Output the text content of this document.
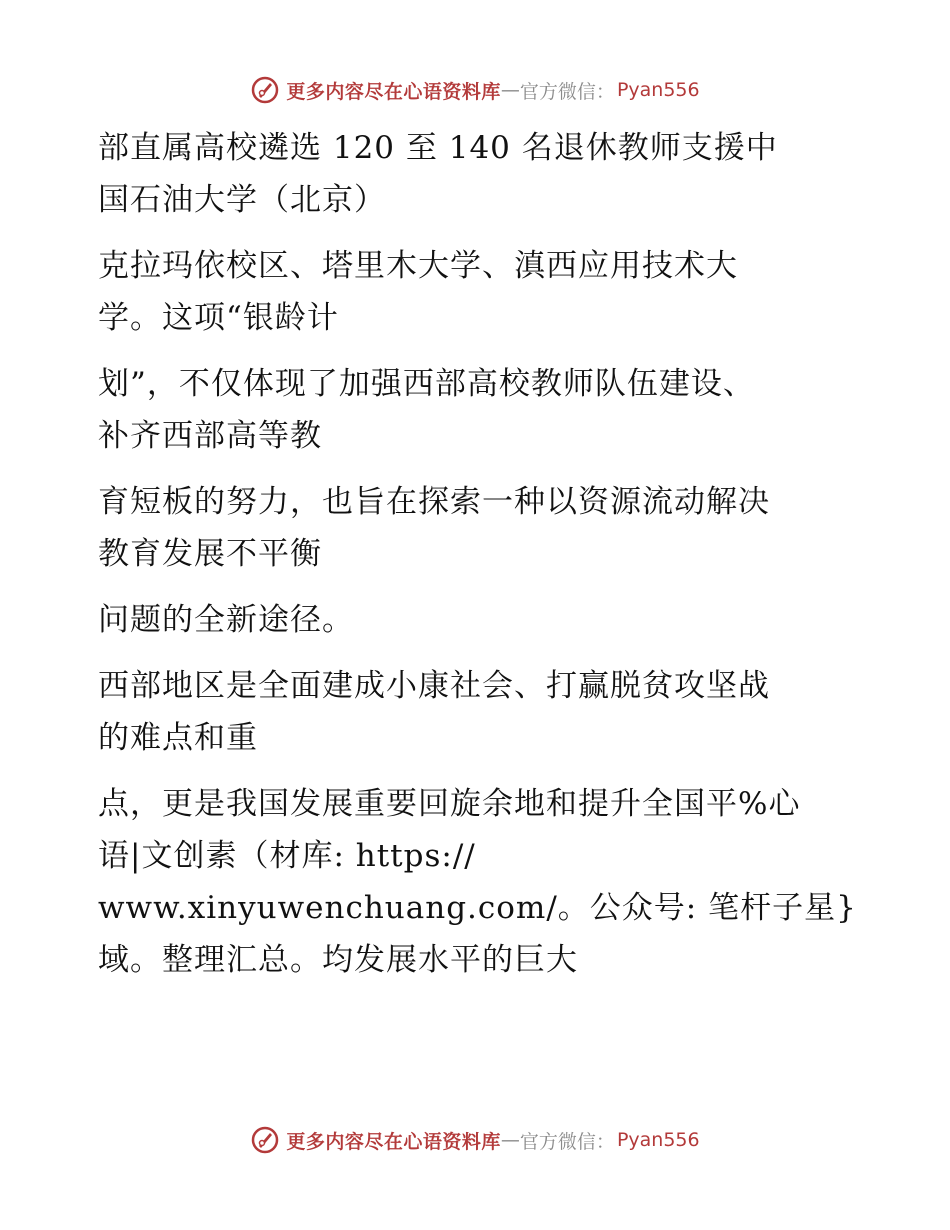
更多内容尽在心语资料库 — 官方微信： Pyan556

部直属高校遴选 120 至 140 名退休教师支援中
国石油大学（北京）

克拉玛依校区、塔里木大学、滇西应用技术大
学。这项“银龄计

划”，不仅体现了加强西部高校教师队伍建设、
补齐西部高等教

育短板的努力，也旨在探索一种以资源流动解决
教育发展不平衡

问题的全新途径。

西部地区是全面建成小康社会、打赢脱贫攻坚战
的难点和重

点，更是我国发展重要回旋余地和提升全国平%心
语|文创素（材库: https://
www.xinyuwenchuang.com/。公众号: 笔杆子星}
域。整理汇总。均发展水平的巨大

更多内容尽在心语资料库 — 官方微信： Pyan556
